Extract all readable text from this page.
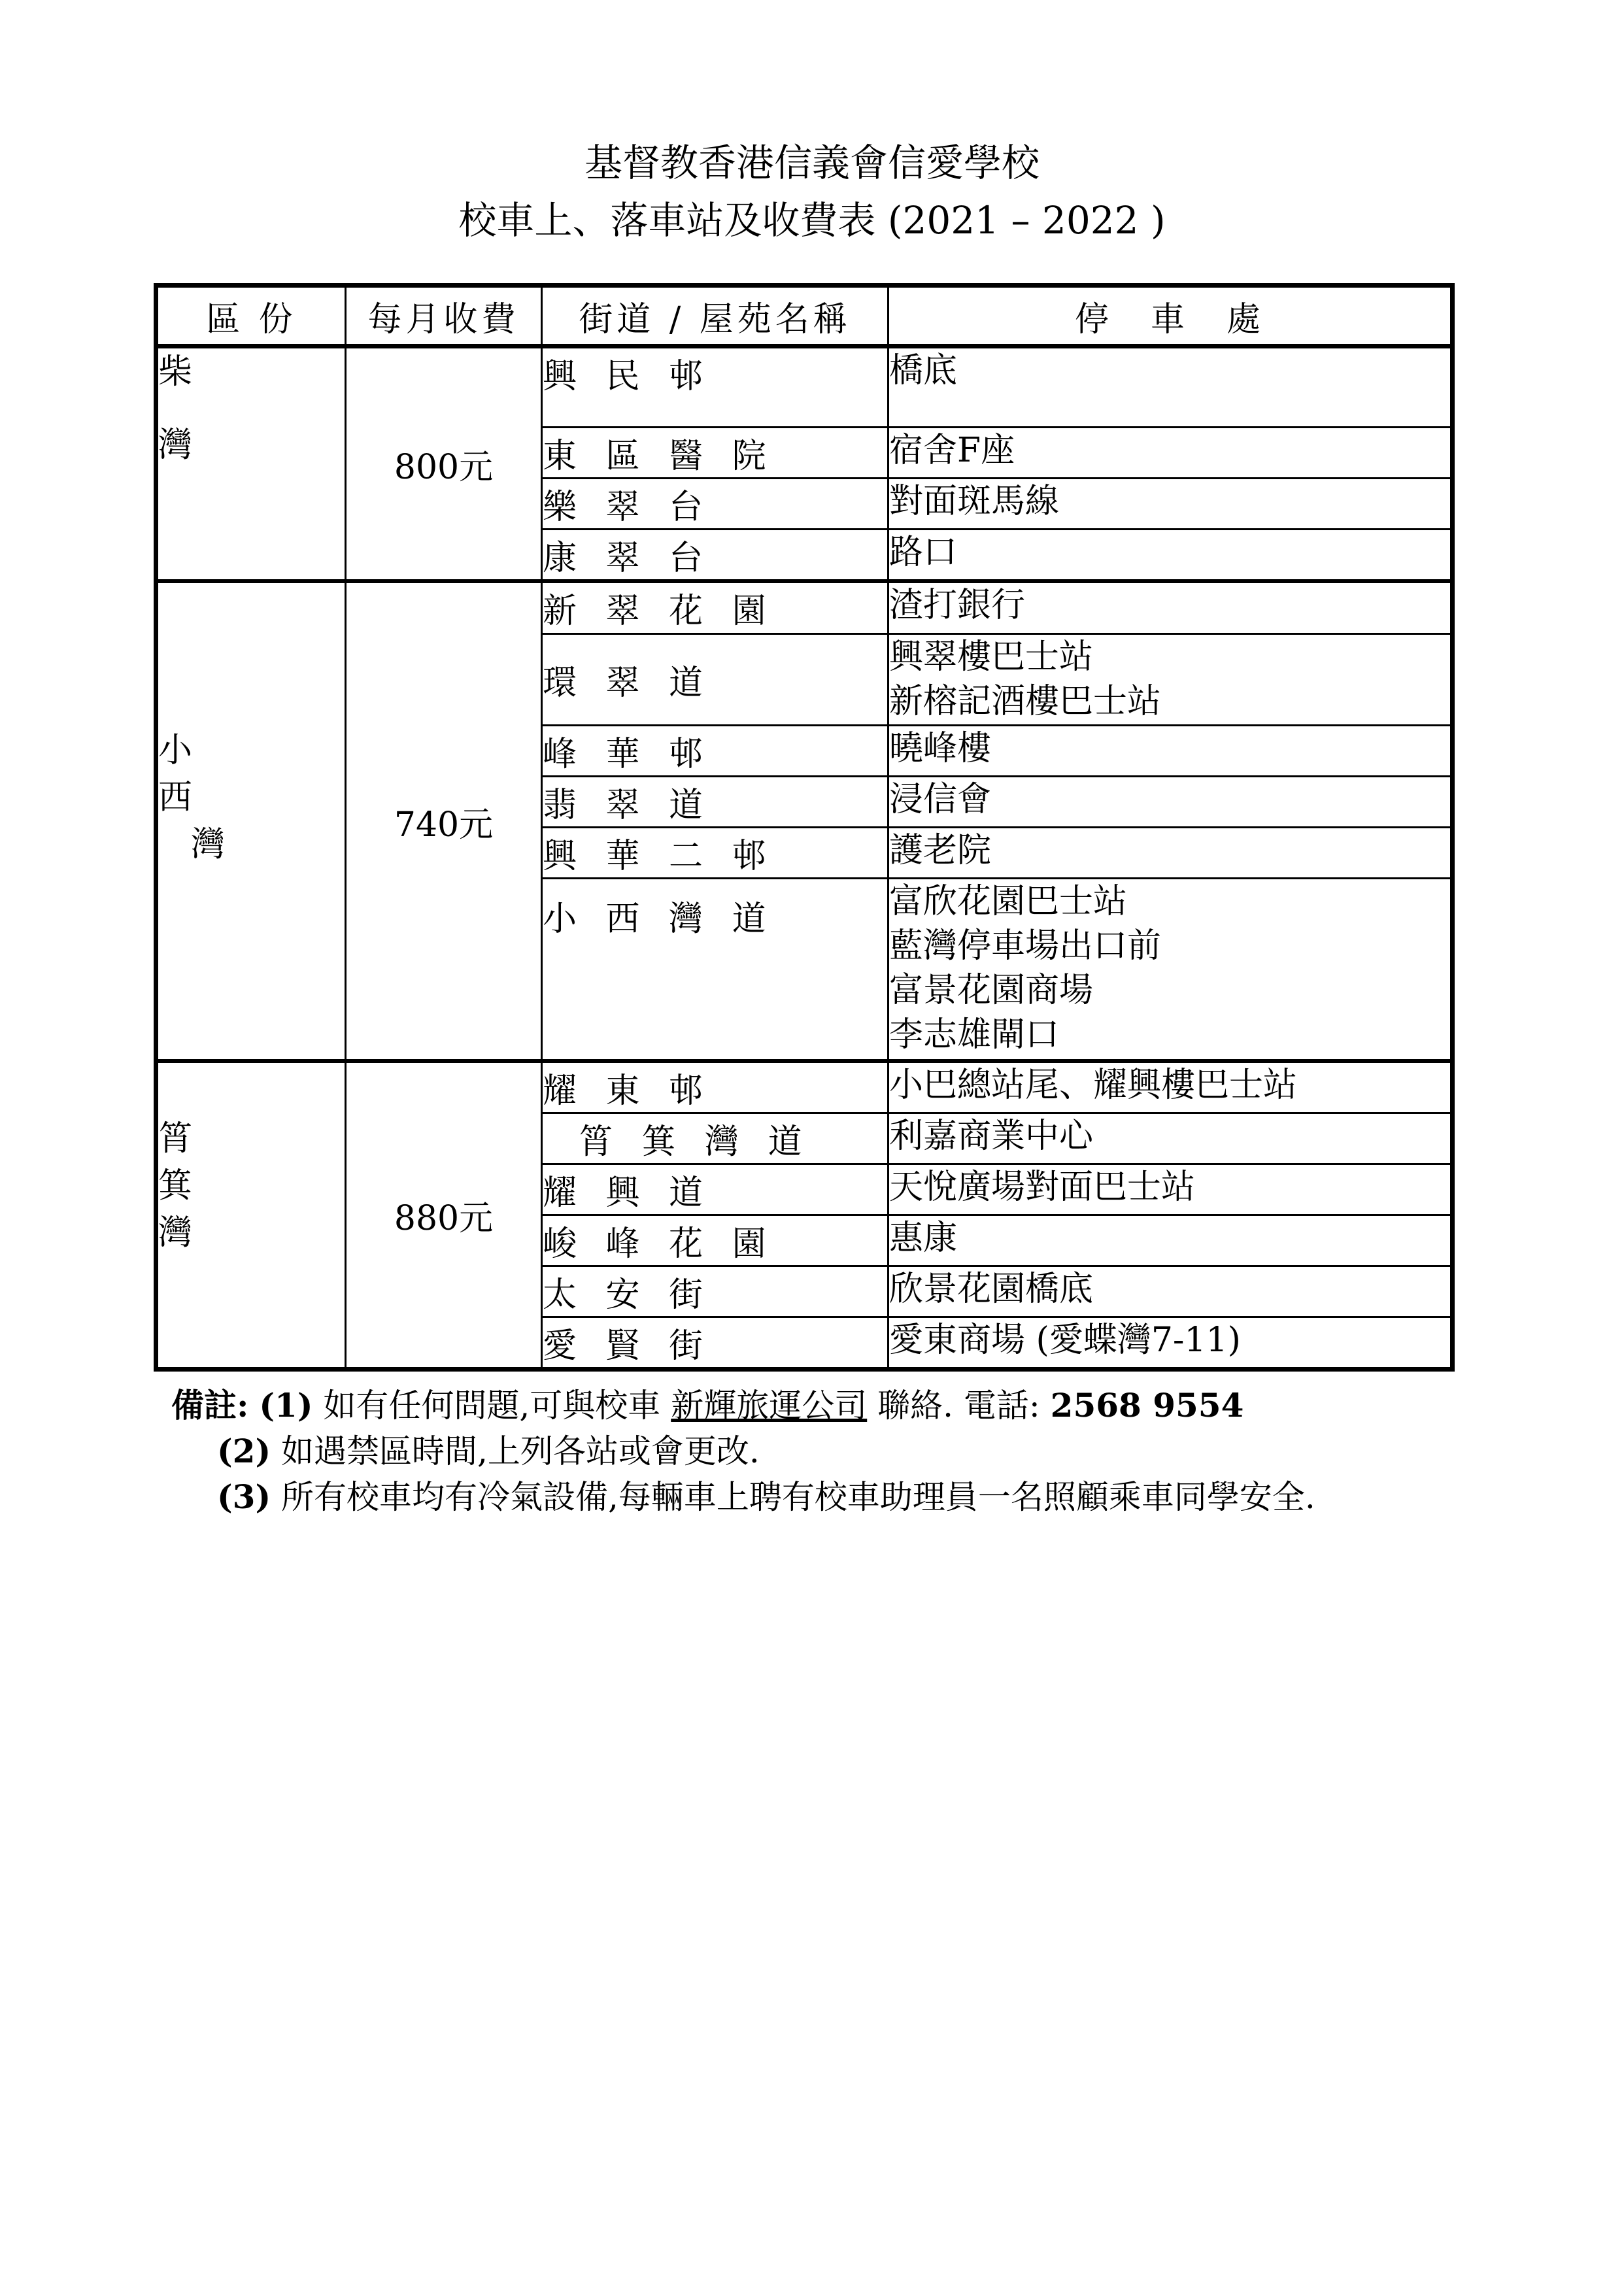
基督教香港信義會信愛學校
校車上、落車站及收費表 (2021 – 2022 )
區 份	每月收費	街道 / 屋苑名稱	停　車　處

柴
灣	800元	興 民 邨	橋底

		東 區 醫 院	宿舍F座

		樂 翠 台	對面斑馬線

		康 翠 台	路口

小
西
灣	740元	新 翠 花 園	渣打銀行

		環 翠 道	興翠樓巴士站
新榕記酒樓巴士站

		峰 華 邨	曉峰樓

		翡 翠 道	浸信會

		興 華 二 邨	護老院

		小 西 灣 道	富欣花園巴士站
藍灣停車場出口前
富景花園商場
李志雄閘口

筲
箕
灣	880元	耀 東 邨	小巴總站尾、耀興樓巴士站

		筲 箕 灣 道	利嘉商業中心

		耀 興 道	天悅廣場對面巴士站

		峻 峰 花 園	惠康

		太 安 街	欣景花園橋底

		愛 賢 街	愛東商場 (愛蝶灣7-11)
備註: (1) 如有任何問題,可與校車 新輝旅運公司 聯絡. 電話: 2568 9554
(2) 如遇禁區時間,上列各站或會更改.
(3) 所有校車均有冷氣設備,每輛車上聘有校車助理員一名照顧乘車同學安全.
